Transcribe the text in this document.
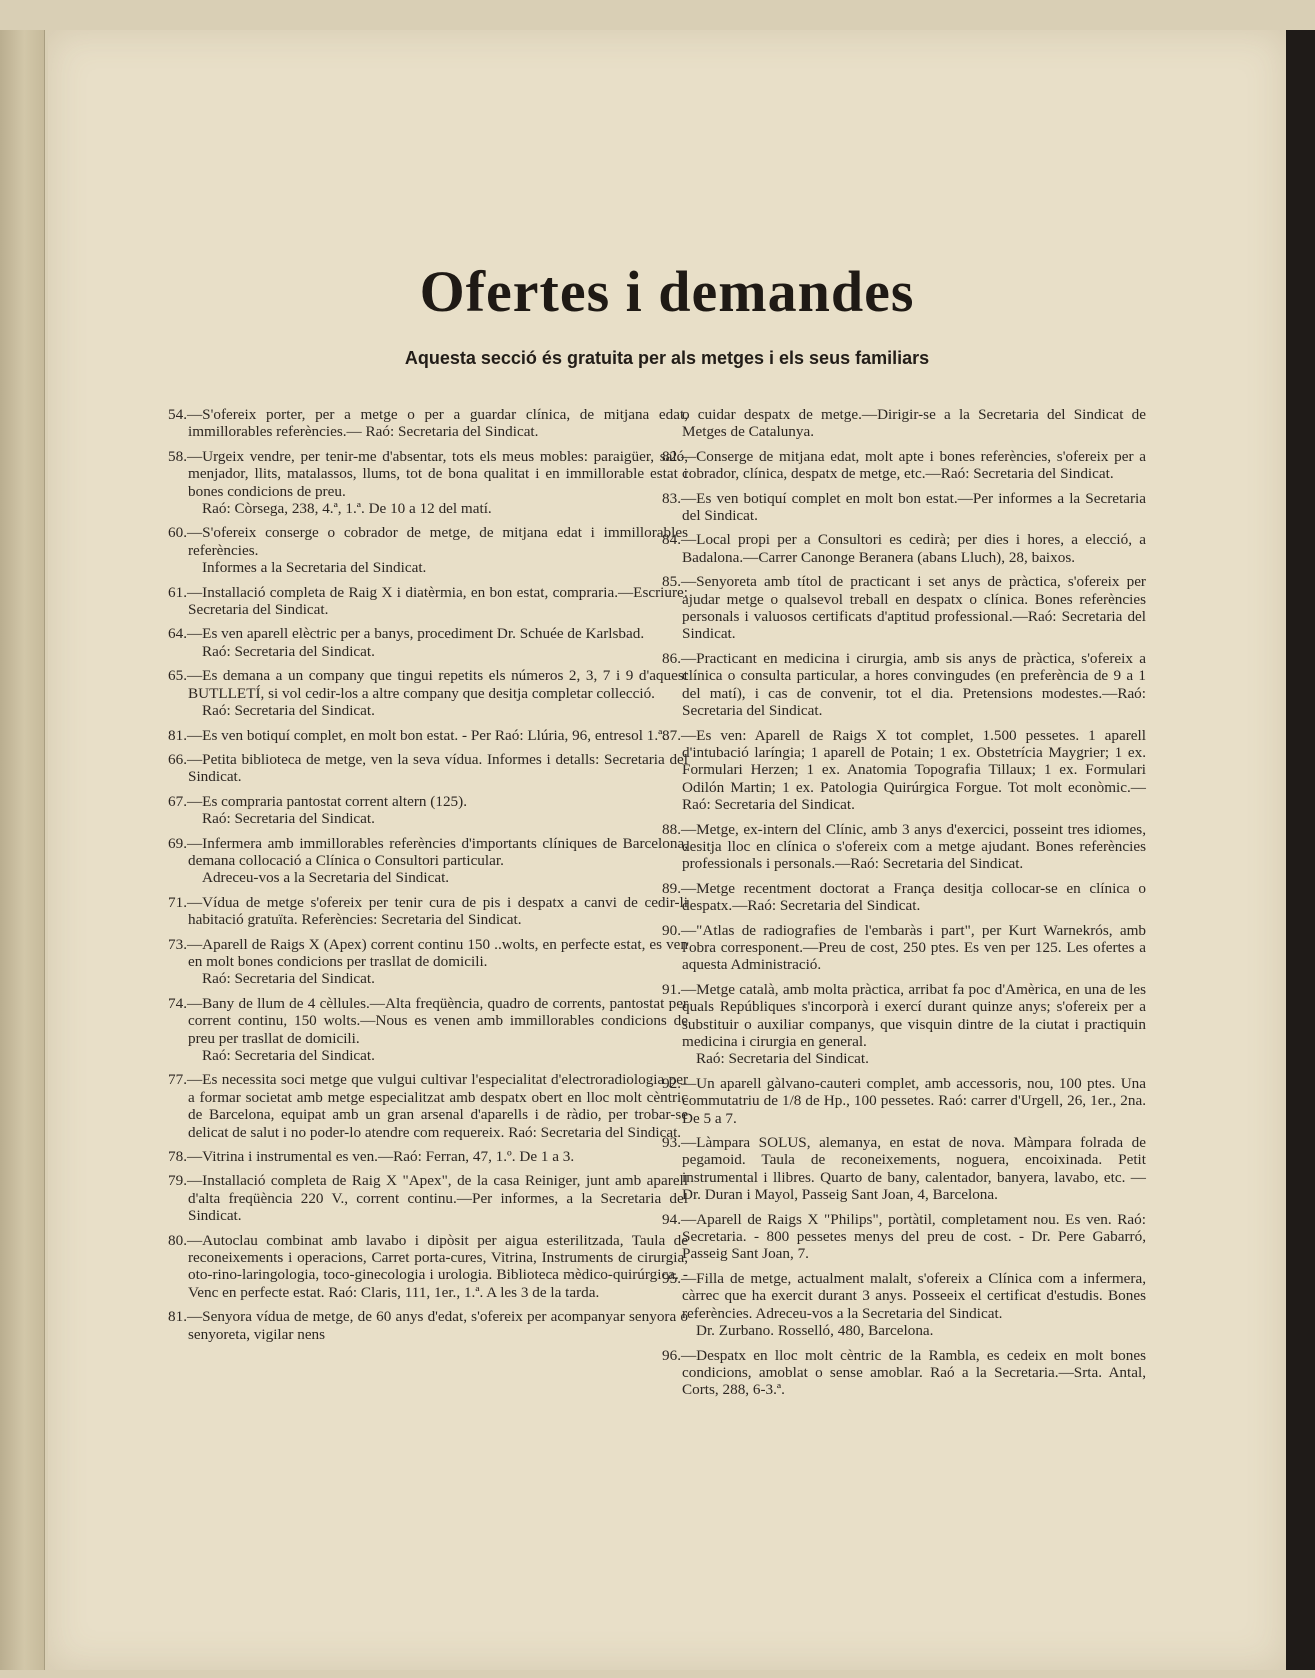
Ofertes i demandes
Aquesta secció és gratuita per als metges i els seus familiars

54.—S'ofereix porter, per a metge o per a guardar clínica, de mitjana edat, immillorables referències.— Raó: Secretaria del Sindicat.

58.—Urgeix vendre, per tenir-me d'absentar, tots els meus mobles: paraigüer, saló, menjador, llits, matalassos, llums, tot de bona qualitat i en immillorable estat i bones condicions de preu.
Raó: Còrsega, 238, 4.ª, 1.ª. De 10 a 12 del matí.

60.—S'ofereix conserge o cobrador de metge, de mitjana edat i immillorables referències.
Informes a la Secretaria del Sindicat.

61.—Installació completa de Raig X i diatèrmia, en bon estat, compraria.—Escriure: Secretaria del Sindicat.

64.—Es ven aparell elèctric per a banys, procediment Dr. Schuée de Karlsbad.
Raó: Secretaria del Sindicat.

65.—Es demana a un company que tingui repetits els números 2, 3, 7 i 9 d'aquest BUTLLETÍ, si vol cedir-los a altre company que desitja completar collecció.
Raó: Secretaria del Sindicat.

81.—Es ven botiquí complet, en molt bon estat. - Per Raó: Llúria, 96, entresol 1.ª.

66.—Petita biblioteca de metge, ven la seva vídua. Informes i detalls: Secretaria del Sindicat.

67.—Es compraria pantostat corrent altern (125).
Raó: Secretaria del Sindicat.

69.—Infermera amb immillorables referències d'importants clíniques de Barcelona, demana collocació a Clínica o Consultori particular.
Adreceu-vos a la Secretaria del Sindicat.

71.—Vídua de metge s'ofereix per tenir cura de pis i despatx a canvi de cedir-li habitació gratuïta. Referències: Secretaria del Sindicat.

73.—Aparell de Raigs X (Apex) corrent continu 150 ..wolts, en perfecte estat, es ven en molt bones condicions per trasllat de domicili.
Raó: Secretaria del Sindicat.

74.—Bany de llum de 4 cèllules.—Alta freqüència, quadro de corrents, pantostat per corrent continu, 150 wolts.—Nous es venen amb immillorables condicions de preu per trasllat de domicili.
Raó: Secretaria del Sindicat.

77.—Es necessita soci metge que vulgui cultivar l'especialitat d'electroradiologia per a formar societat amb metge especialitzat amb despatx obert en lloc molt cèntric de Barcelona, equipat amb un gran arsenal d'aparells i de ràdio, per trobar-se delicat de salut i no poder-lo atendre com requereix. Raó: Secretaria del Sindicat.

78.—Vitrina i instrumental es ven.—Raó: Ferran, 47, 1.º. De 1 a 3.

79.—Installació completa de Raig X "Apex", de la casa Reiniger, junt amb aparell d'alta freqüència 220 V., corrent continu.—Per informes, a la Secretaria del Sindicat.

80.—Autoclau combinat amb lavabo i dipòsit per aigua esterilitzada, Taula de reconeixements i operacions, Carret porta-cures, Vitrina, Instruments de cirurgia, oto-rino-laringologia, toco-ginecologia i urologia. Biblioteca mèdico-quirúrgica. - Venc en perfecte estat. Raó: Claris, 111, 1er., 1.ª. A les 3 de la tarda.

81.—Senyora vídua de metge, de 60 anys d'edat, s'ofereix per acompanyar senyora o senyoreta, vigilar nens

o cuidar despatx de metge.—Dirigir-se a la Secretaria del Sindicat de Metges de Catalunya.

82.—Conserge de mitjana edat, molt apte i bones referències, s'ofereix per a cobrador, clínica, despatx de metge, etc.—Raó: Secretaria del Sindicat.

83.—Es ven botiquí complet en molt bon estat.—Per informes a la Secretaria del Sindicat.

84.—Local propi per a Consultori es cedirà; per dies i hores, a elecció, a Badalona.—Carrer Canonge Beranera (abans Lluch), 28, baixos.

85.—Senyoreta amb títol de practicant i set anys de pràctica, s'ofereix per ajudar metge o qualsevol treball en despatx o clínica. Bones referències personals i valuosos certificats d'aptitud professional.—Raó: Secretaria del Sindicat.

86.—Practicant en medicina i cirurgia, amb sis anys de pràctica, s'ofereix a clínica o consulta particular, a hores convingudes (en preferència de 9 a 1 del matí), i cas de convenir, tot el dia. Pretensions modestes.—Raó: Secretaria del Sindicat.

87.—Es ven: Aparell de Raigs X tot complet, 1.500 pessetes. 1 aparell d'intubació laríngia; 1 aparell de Potain; 1 ex. Obstetrícia Maygrier; 1 ex. Formulari Herzen; 1 ex. Anatomia Topografia Tillaux; 1 ex. Formulari Odilón Martin; 1 ex. Patologia Quirúrgica Forgue. Tot molt econòmic.—Raó: Secretaria del Sindicat.

88.—Metge, ex-intern del Clínic, amb 3 anys d'exercici, posseint tres idiomes, desitja lloc en clínica o s'ofereix com a metge ajudant. Bones referències professionals i personals.—Raó: Secretaria del Sindicat.

89.—Metge recentment doctorat a França desitja collocar-se en clínica o despatx.—Raó: Secretaria del Sindicat.

90.—"Atlas de radiografies de l'embaràs i part", per Kurt Warnekrós, amb l'obra corresponent.—Preu de cost, 250 ptes. Es ven per 125. Les ofertes a aquesta Administració.

91.—Metge català, amb molta pràctica, arribat fa poc d'Amèrica, en una de les quals Repúbliques s'incorporà i exercí durant quinze anys; s'ofereix per a substituir o auxiliar companys, que visquin dintre de la ciutat i practiquin medicina i cirurgia en general.
Raó: Secretaria del Sindicat.

92.—Un aparell gàlvano-cauteri complet, amb accessoris, nou, 100 ptes. Una commutatriu de 1/8 de Hp., 100 pessetes. Raó: carrer d'Urgell, 26, 1er., 2na. De 5 a 7.

93.—Làmpara SOLUS, alemanya, en estat de nova. Màmpara folrada de pegamoid. Taula de reconeixements, noguera, encoixinada. Petit instrumental i llibres. Quarto de bany, calentador, banyera, lavabo, etc. —Dr. Duran i Mayol, Passeig Sant Joan, 4, Barcelona.

94.—Aparell de Raigs X "Philips", portàtil, completament nou. Es ven. Raó: Secretaria. - 800 pessetes menys del preu de cost. - Dr. Pere Gabarró, Passeig Sant Joan, 7.

95.—Filla de metge, actualment malalt, s'ofereix a Clínica com a infermera, càrrec que ha exercit durant 3 anys. Posseeix el certificat d'estudis. Bones referències. Adreceu-vos a la Secretaria del Sindicat.
Dr. Zurbano. Rosselló, 480, Barcelona.

96.—Despatx en lloc molt cèntric de la Rambla, es cedeix en molt bones condicions, amoblat o sense amoblar. Raó a la Secretaria.—Srta. Antal, Corts, 288, 6-3.ª.
